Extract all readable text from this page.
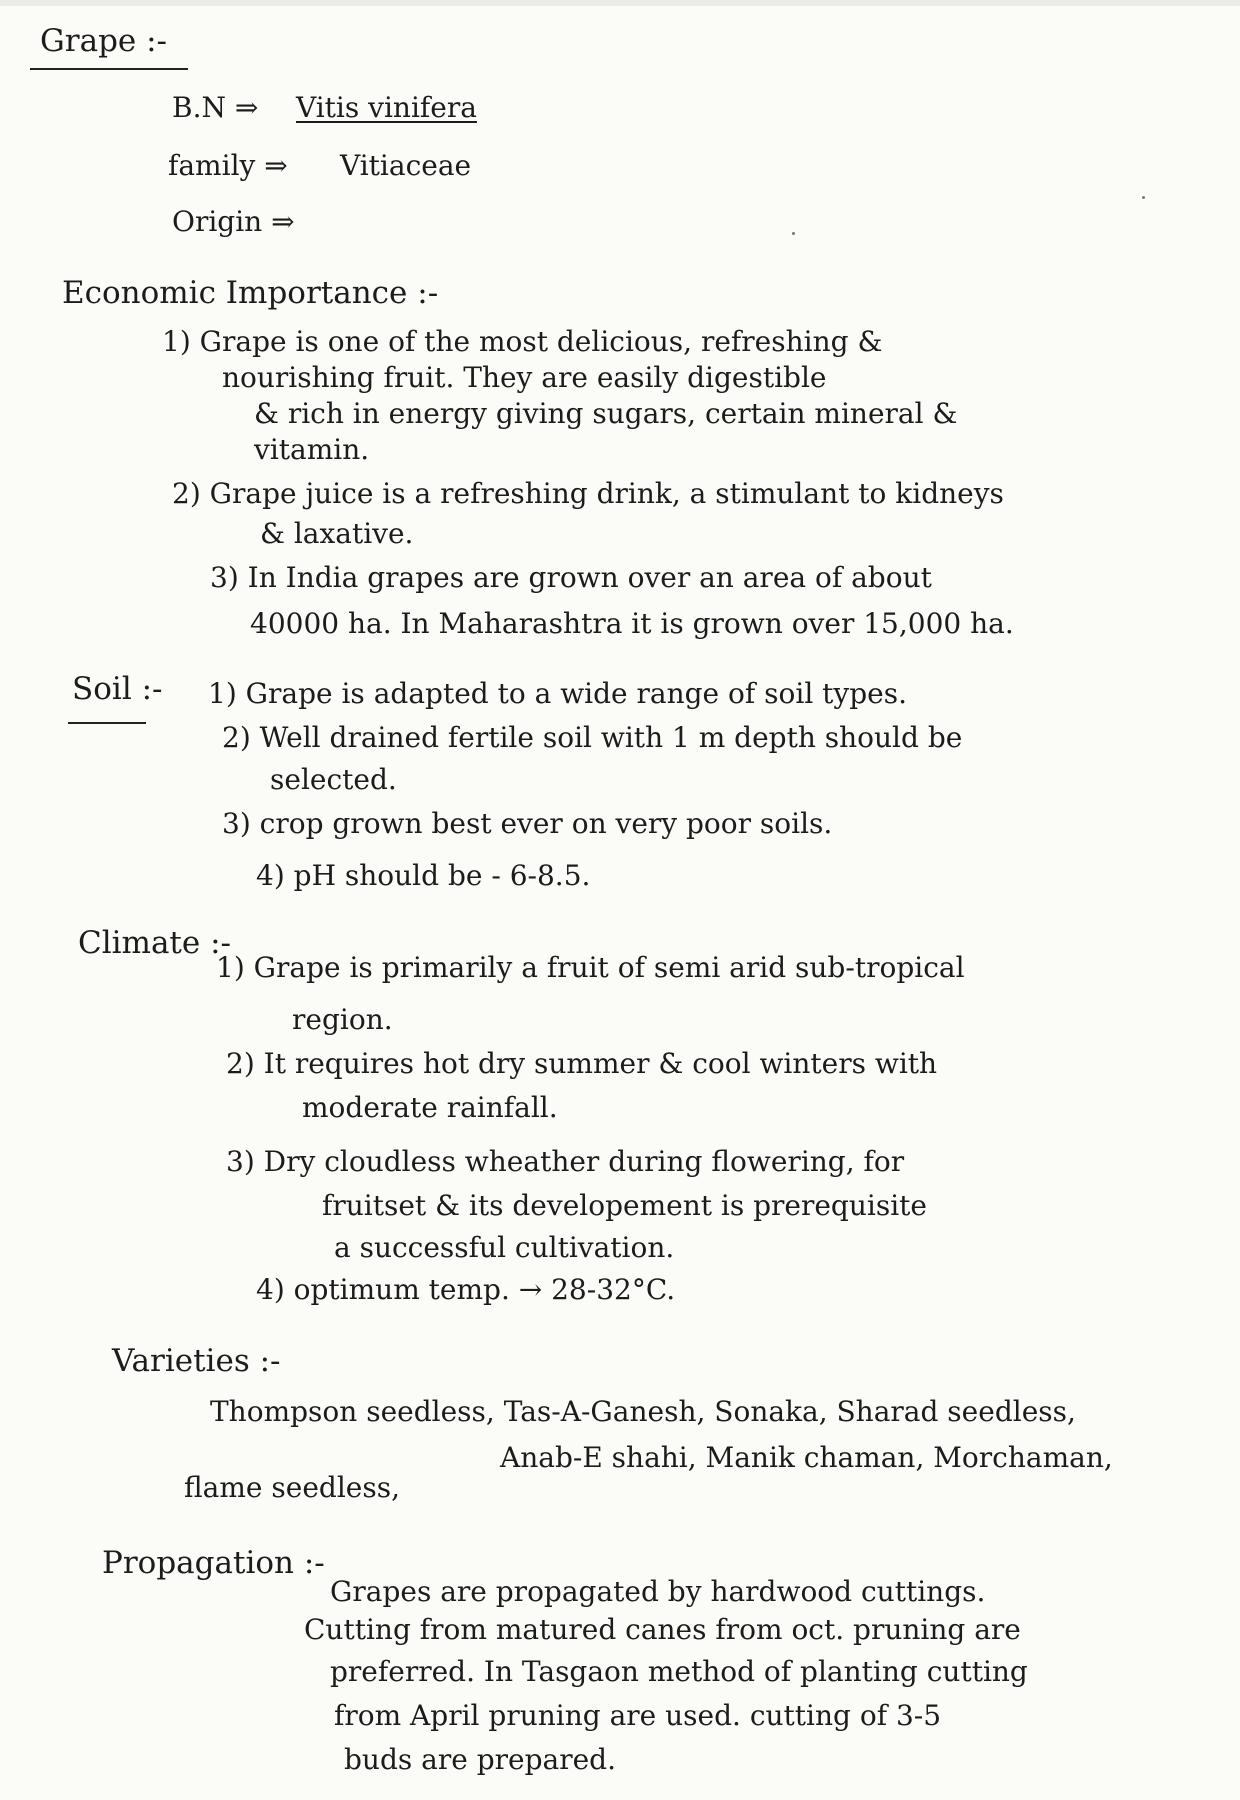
Grape :-
B.N ⇒ Vitis vinifera
family ⇒ Vitiaceae
Origin ⇒
Economic Importance :-
1) Grape is one of the most delicious, refreshing &
nourishing fruit. They are easily digestible
& rich in energy giving sugars, certain mineral &
vitamin.
2) Grape juice is a refreshing drink, a stimulant to kidneys
& laxative.
3) In India grapes are grown over an area of about
40000 ha. In Maharashtra it is grown over 15,000 ha.
Soil :- 1) Grape is adapted to a wide range of soil types.
2) Well drained fertile soil with 1 m depth should be
selected.
3) crop grown best ever on very poor soils.
4) pH should be - 6-8.5.
Climate :-
1) Grape is primarily a fruit of semi arid sub-tropical
region.
2) It requires hot dry summer & cool winters with
moderate rainfall.
3) Dry cloudless wheather during flowering, for
fruitset & its developement is prerequisite
a successful cultivation.
4) optimum temp. → 28-32°C.
Varieties :-
Thompson seedless, Tas-A-Ganesh, Sonaka, Sharad seedless,
Anab-E shahi, Manik chaman, Morchaman,
flame seedless,
Propagation :-
Grapes are propagated by hardwood cuttings.
Cutting from matured canes from oct. pruning are
preferred. In Tasgaon method of planting cutting
from April pruning are used. cutting of 3-5
buds are prepared.
